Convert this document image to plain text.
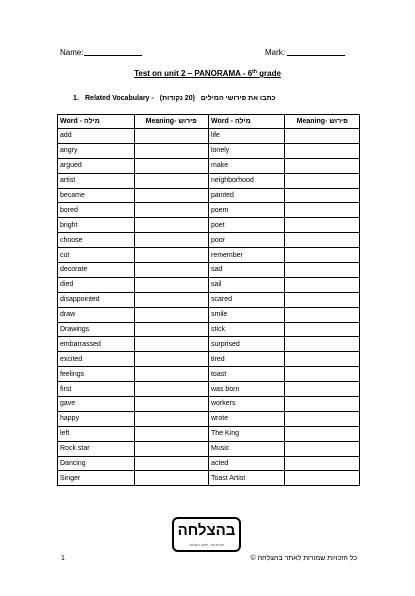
Name:	Mark:
Test on unit 2 – PANORAMA - 6th grade
1. Related Vocabulary -	כתבו את פירושי המילים   (20 נקודות)
Word - מילה	Meaning- פירוש	Word - מילה	Meaning- פירוש
add		life	
angry		lonely	
argued		make	
artist		neighborhood	
became		painted	
bored		poem	
bright		poet	
choose		poor	
cut		remember	
decorate		sad	
died		sail	
disappointed		scared	
draw		smile	
Drawings		stick	
embarrassed		surprised	
excited		tired	
feelings		toast	
first		was born	
gave		workers	
happy		wrote	
left		The King	
Rock star		Music	
Dancing		acted	
Singer		Toast Artist	
בהצלחה
מהיום הזה - לאתר בהצלחה
1	כל הזכויות שמורות לאתר בהצלחה ©
